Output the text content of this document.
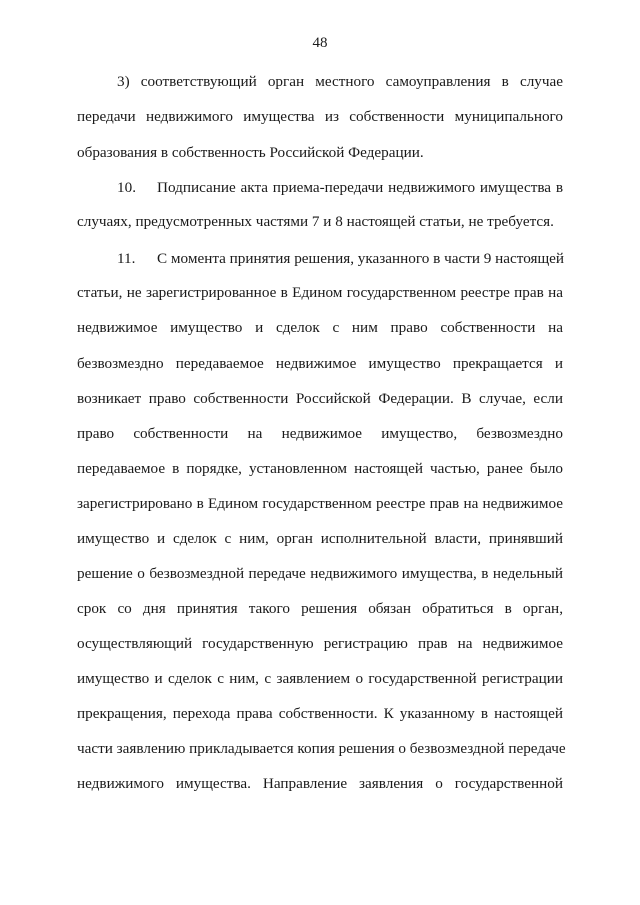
48
3) соответствующий орган местного самоуправления в случае
передачи недвижимого имущества из собственности муниципального
образования в собственность Российской Федерации.
10.	Подписание акта приема-передачи недвижимого имущества в
случаях, предусмотренных частями 7 и 8 настоящей статьи, не требуется.
11.	С момента принятия решения, указанного в части 9 настоящей
статьи, не зарегистрированное в Едином государственном реестре прав на
недвижимое имущество и сделок с ним право собственности на
безвозмездно передаваемое недвижимое имущество прекращается и
возникает право собственности Российской Федерации. В случае, если
право собственности на недвижимое имущество, безвозмездно
передаваемое в порядке, установленном настоящей частью, ранее было
зарегистрировано в Едином государственном реестре прав на недвижимое
имущество и сделок с ним, орган исполнительной власти, принявший
решение о безвозмездной передаче недвижимого имущества, в недельный
срок со дня принятия такого решения обязан обратиться в орган,
осуществляющий государственную регистрацию прав на недвижимое
имущество и сделок с ним, с заявлением о государственной регистрации
прекращения, перехода права собственности. К указанному в настоящей
части заявлению прикладывается копия решения о безвозмездной передаче
недвижимого имущества. Направление заявления о государственной
